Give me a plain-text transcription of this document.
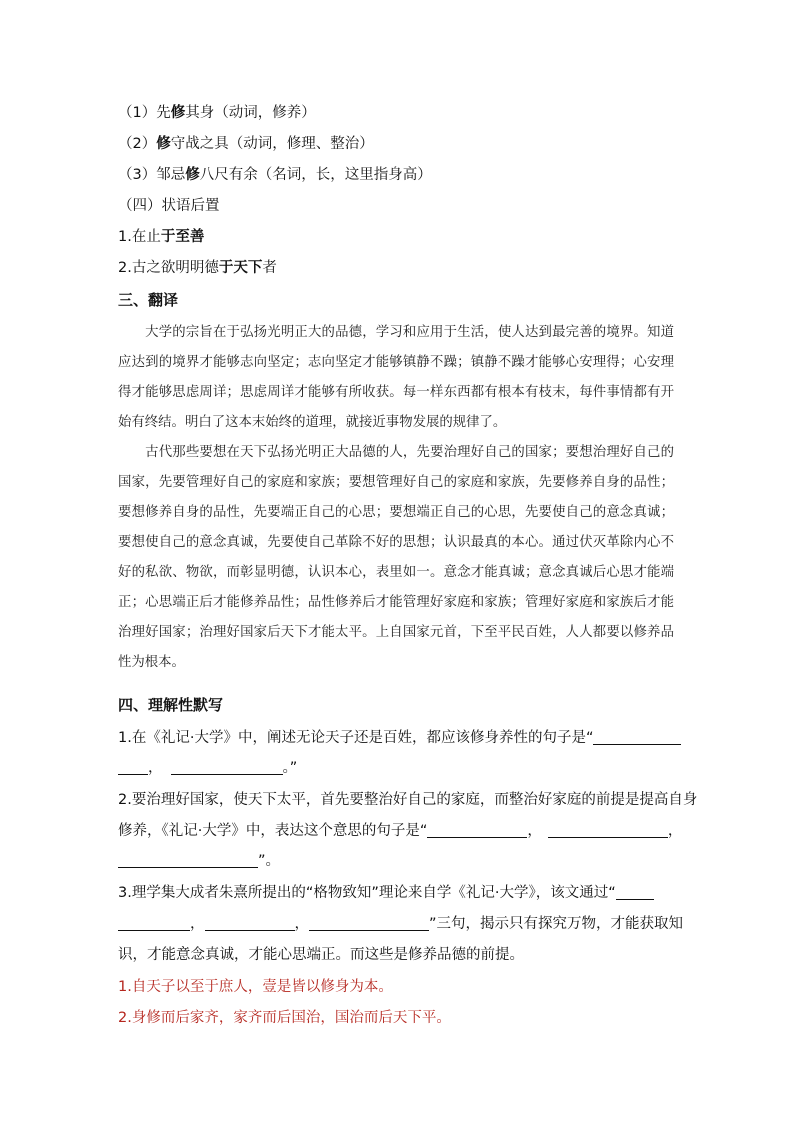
（1）先修其身（动词，修养）
（2）修守战之具（动词，修理、整治）
（3）邹忌修八尺有余（名词，长，这里指身高）
（四）状语后置
1.在止于至善
2.古之欲明明德于天下者
三、翻译
大学的宗旨在于弘扬光明正大的品德，学习和应用于生活，使人达到最完善的境界。知道应达到的境界才能够志向坚定；志向坚定才能够镇静不躁；镇静不躁才能够心安理得；心安理得才能够思虑周详；思虑周详才能够有所收获。每一样东西都有根本有枝末，每件事情都有开始有终结。明白了这本末始终的道理，就接近事物发展的规律了。
古代那些要想在天下弘扬光明正大品德的人，先要治理好自己的国家；要想治理好自己的国家，先要管理好自己的家庭和家族；要想管理好自己的家庭和家族，先要修养自身的品性；要想修养自身的品性，先要端正自己的心思；要想端正自己的心思，先要使自己的意念真诚；要想使自己的意念真诚，先要使自己革除不好的思想；认识最真的本心。通过伏灭革除内心不好的私欲、物欲，而彰显明德，认识本心，表里如一。意念才能真诚；意念真诚后心思才能端正；心思端正后才能修养品性；品性修养后才能管理好家庭和家族；管理好家庭和家族后才能治理好国家；治理好国家后天下才能太平。上自国家元首，下至平民百姓，人人都要以修养品性为根本。
四、理解性默写
1.在《礼记·大学》中，阐述无论天子还是百姓，都应该修身养性的句子是“
，	。”
2.要治理好国家，使天下太平，首先要整治好自己的家庭，而整治好家庭的前提是提高自身
修养，《礼记·大学》中，表达这个意思的句子是“	，	，
”。
3.理学集大成者朱熹所提出的“格物致知”理论来自学《礼记·大学》，该文通过“
，	，	”三句，揭示只有探究万物，才能获取知
识，才能意念真诚，才能心思端正。而这些是修养品德的前提。
1.自天子以至于庶人，壹是皆以修身为本。
2.身修而后家齐，家齐而后国治，国治而后天下平。
